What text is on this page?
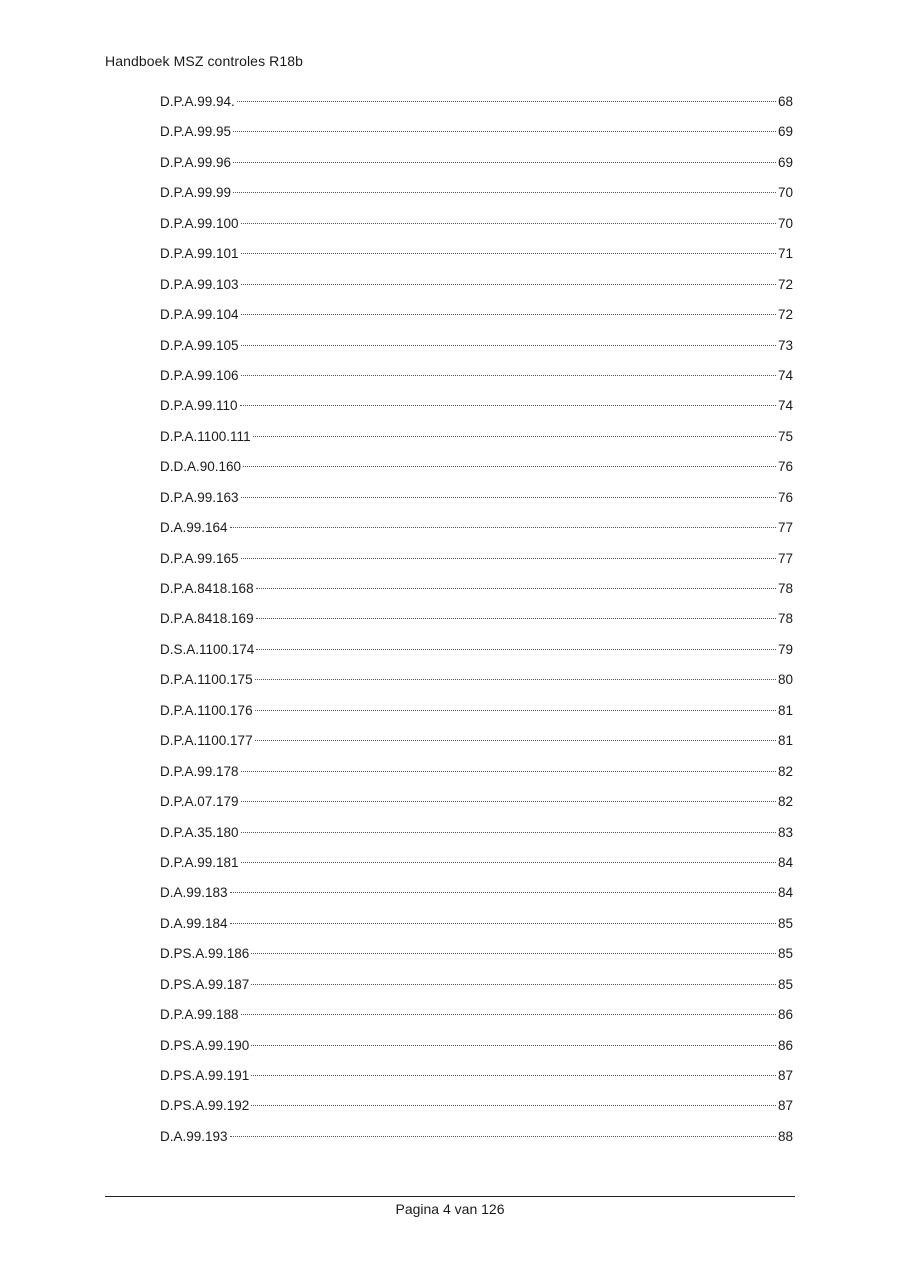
Handboek MSZ controles R18b
D.P.A.99.94.	68
D.P.A.99.95	69
D.P.A.99.96	69
D.P.A.99.99	70
D.P.A.99.100	70
D.P.A.99.101	71
D.P.A.99.103	72
D.P.A.99.104	72
D.P.A.99.105	73
D.P.A.99.106	74
D.P.A.99.110	74
D.P.A.1100.111	75
D.D.A.90.160	76
D.P.A.99.163	76
D.A.99.164	77
D.P.A.99.165	77
D.P.A.8418.168	78
D.P.A.8418.169	78
D.S.A.1100.174	79
D.P.A.1100.175	80
D.P.A.1100.176	81
D.P.A.1100.177	81
D.P.A.99.178	82
D.P.A.07.179	82
D.P.A.35.180	83
D.P.A.99.181	84
D.A.99.183	84
D.A.99.184	85
D.PS.A.99.186	85
D.PS.A.99.187	85
D.P.A.99.188	86
D.PS.A.99.190	86
D.PS.A.99.191	87
D.PS.A.99.192	87
D.A.99.193	88
Pagina 4 van 126
